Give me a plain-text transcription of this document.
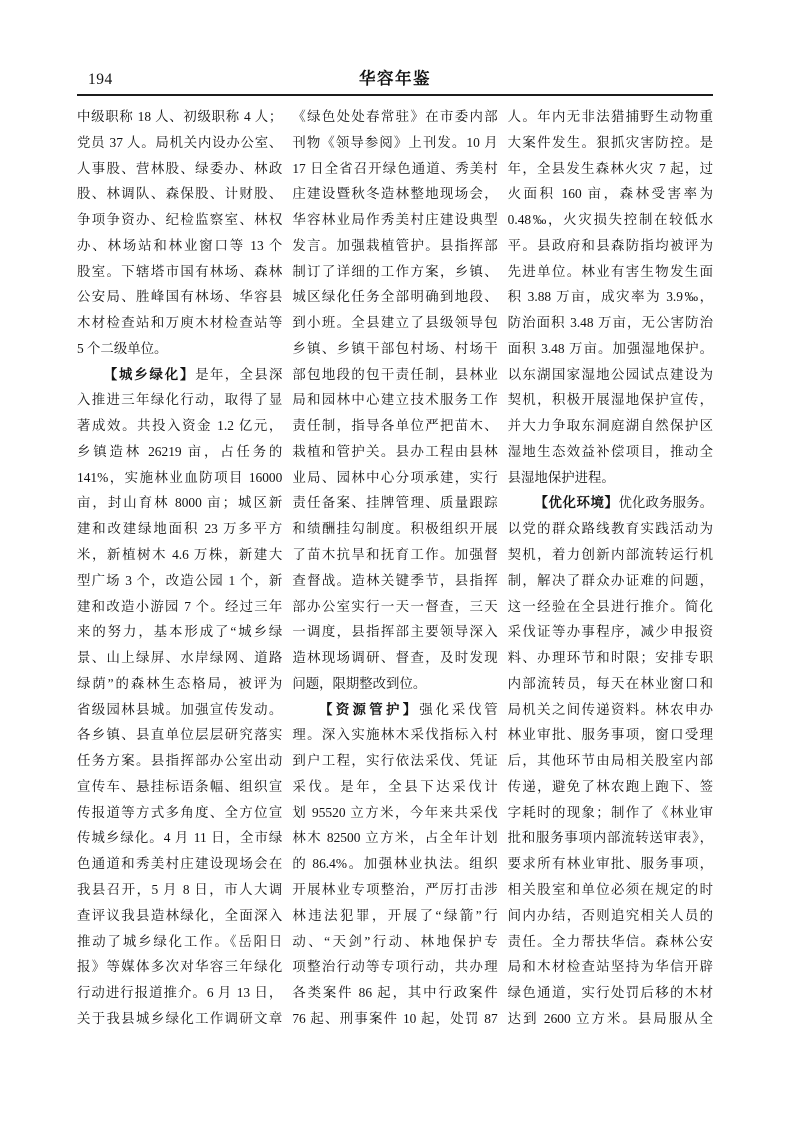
194	华容年鉴
中级职称 18 人、初级职称 4 人；
党员 37 人。局机关内设办公室、
人事股、营林股、绿委办、林政
股、林调队、森保股、计财股、
争项争资办、纪检监察室、林权
办、林场站和林业窗口等 13 个
股室。下辖塔市国有林场、森林
公安局、胜峰国有林场、华容县
木材检查站和万庾木材检查站等
5 个二级单位。
【城乡绿化】是年，全县深
入推进三年绿化行动，取得了显
著成效。共投入资金 1.2 亿元，
乡镇造林 26219 亩，占任务的
141%，实施林业血防项目 16000
亩，封山育林 8000 亩；城区新
建和改建绿地面积 23 万多平方
米，新植树木 4.6 万株，新建大
型广场 3 个，改造公园 1 个，新
建和改造小游园 7 个。经过三年
来的努力，基本形成了“城乡绿
景、山上绿屏、水岸绿网、道路
绿荫”的森林生态格局，被评为
省级园林县城。加强宣传发动。
各乡镇、县直单位层层研究落实
任务方案。县指挥部办公室出动
宣传车、悬挂标语条幅、组织宣
传报道等方式多角度、全方位宣
传城乡绿化。4 月 11 日，全市绿
色通道和秀美村庄建设现场会在
我县召开，5 月 8 日，市人大调
查评议我县造林绿化，全面深入
推动了城乡绿化工作。《岳阳日
报》等媒体多次对华容三年绿化
行动进行报道推介。6 月 13 日，
关于我县城乡绿化工作调研文章
《绿色处处春常驻》在市委内部
刊物《领导参阅》上刊发。10 月
17 日全省召开绿色通道、秀美村
庄建设暨秋冬造林整地现场会，
华容林业局作秀美村庄建设典型
发言。加强栽植管护。县指挥部
制订了详细的工作方案，乡镇、
城区绿化任务全部明确到地段、
到小班。全县建立了县级领导包
乡镇、乡镇干部包村场、村场干
部包地段的包干责任制，县林业
局和园林中心建立技术服务工作
责任制，指导各单位严把苗木、
栽植和管护关。县办工程由县林
业局、园林中心分项承建，实行
责任备案、挂牌管理、质量跟踪
和绩酬挂勾制度。积极组织开展
了苗木抗旱和抚育工作。加强督
查督战。造林关键季节，县指挥
部办公室实行一天一督查，三天
一调度，县指挥部主要领导深入
造林现场调研、督查，及时发现
问题，限期整改到位。
【资源管护】强化采伐管
理。深入实施林木采伐指标入村
到户工程，实行依法采伐、凭证
采伐。是年，全县下达采伐计
划 95520 立方米，今年来共采伐
林木 82500 立方米，占全年计划
的 86.4%。加强林业执法。组织
开展林业专项整治，严厉打击涉
林违法犯罪，开展了“绿箭”行
动、“天剑”行动、林地保护专
项整治行动等专项行动，共办理
各类案件 86 起，其中行政案件
76 起、刑事案件 10 起，处罚 87
人。年内无非法猎捕野生动物重
大案件发生。狠抓灾害防控。是
年，全县发生森林火灾 7 起，过
火面积 160 亩，森林受害率为
0.48‰，火灾损失控制在较低水
平。县政府和县森防指均被评为
先进单位。林业有害生物发生面
积 3.88 万亩，成灾率为 3.9‰，
防治面积 3.48 万亩，无公害防治
面积 3.48 万亩。加强湿地保护。
以东湖国家湿地公园试点建设为
契机，积极开展湿地保护宣传，
并大力争取东洞庭湖自然保护区
湿地生态效益补偿项目，推动全
县湿地保护进程。
【优化环境】优化政务服务。
以党的群众路线教育实践活动为
契机，着力创新内部流转运行机
制，解决了群众办证难的问题，
这一经验在全县进行推介。简化
采伐证等办事程序，减少申报资
料、办理环节和时限；安排专职
内部流转员，每天在林业窗口和
局机关之间传递资料。林农申办
林业审批、服务事项，窗口受理
后，其他环节由局相关股室内部
传递，避免了林农跑上跑下、签
字耗时的现象；制作了《林业审
批和服务事项内部流转送审表》，
要求所有林业审批、服务事项，
相关股室和单位必须在规定的时
间内办结，否则追究相关人员的
责任。全力帮扶华信。森林公安
局和木材检查站坚持为华信开辟
绿色通道，实行处罚后移的木材
达到 2600 立方米。县局服从全
